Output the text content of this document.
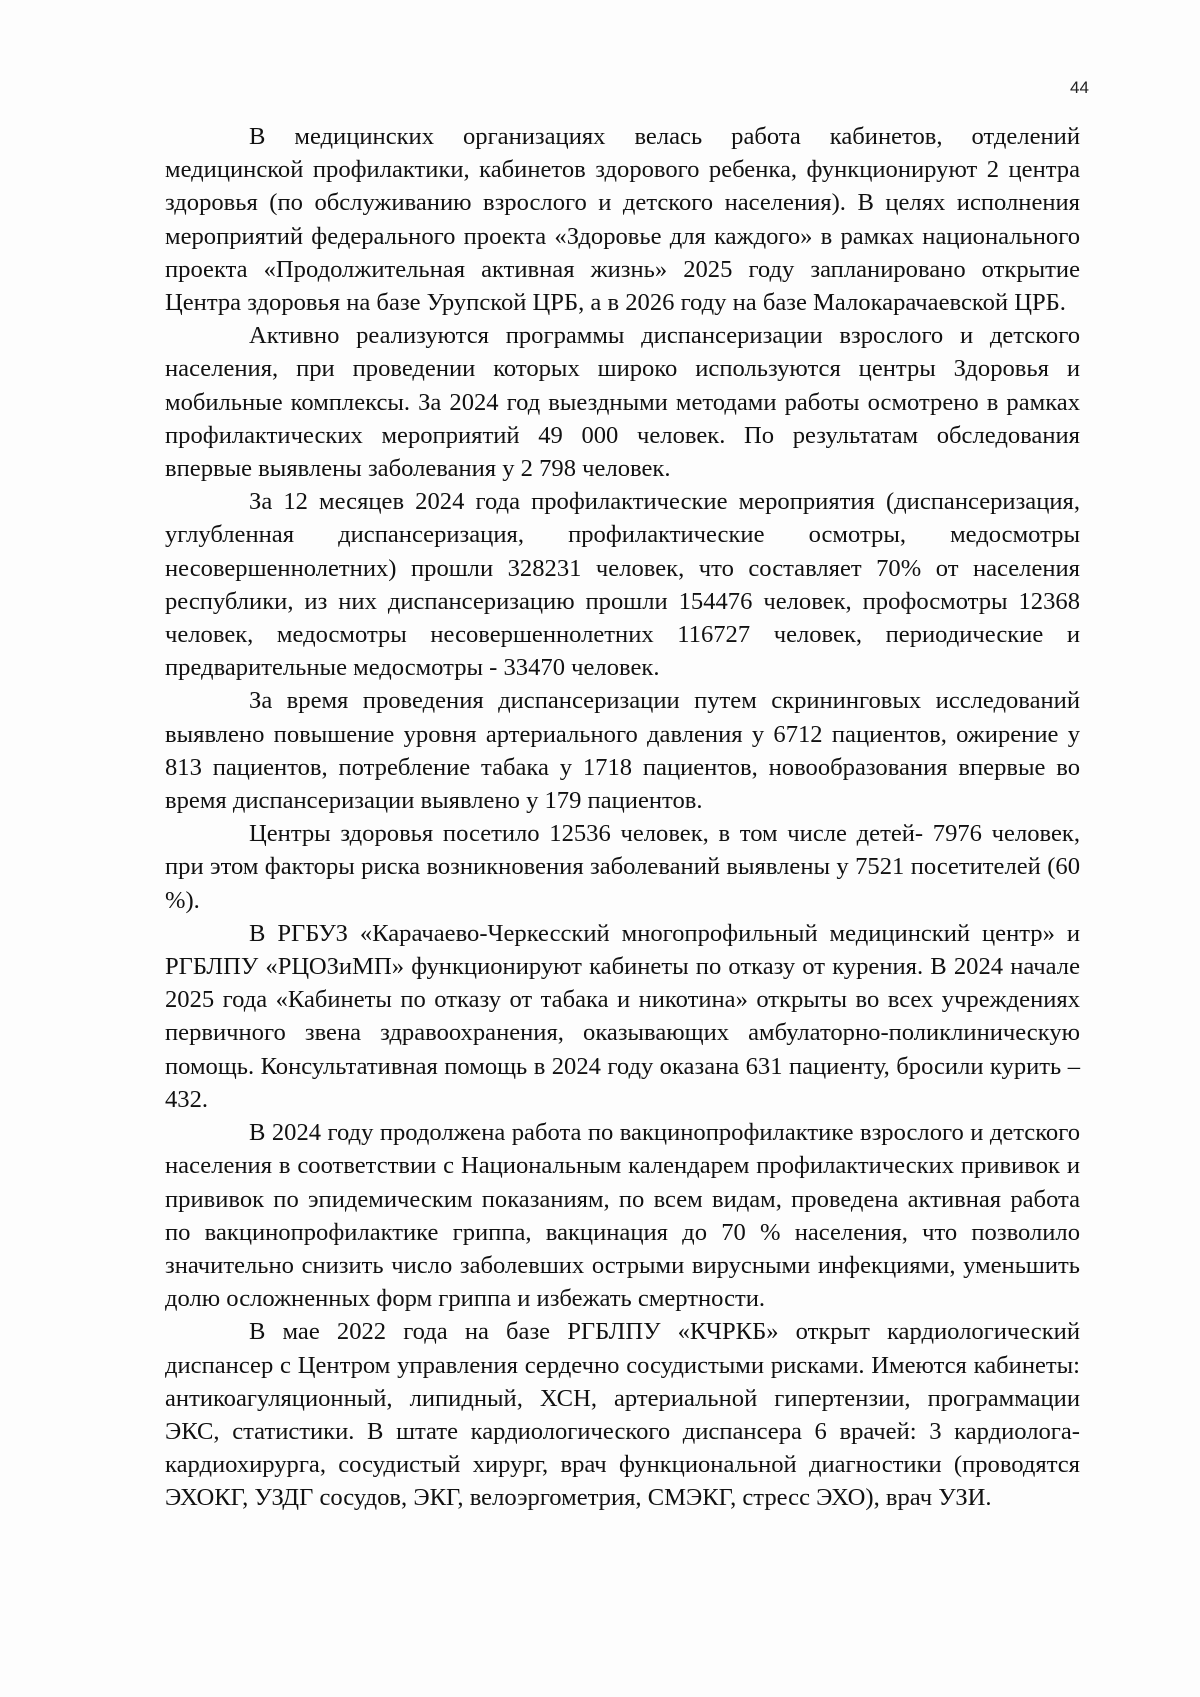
44

В медицинских организациях велась работа кабинетов, отделений медицинской профилактики, кабинетов здорового ребенка, функционируют 2 центра здоровья (по обслуживанию взрослого и детского населения). В целях исполнения мероприятий федерального проекта «Здоровье для каждого» в рамках национального проекта «Продолжительная активная жизнь» 2025 году запланировано открытие Центра здоровья на базе Урупской ЦРБ, а в 2026 году на базе Малокарачаевской ЦРБ.

Активно реализуются программы диспансеризации взрослого и детского населения, при проведении которых широко используются центры Здоровья и мобильные комплексы. За 2024 год выездными методами работы осмотрено в рамках профилактических мероприятий 49 000 человек. По результатам обследования впервые выявлены заболевания у 2 798 человек.

За 12 месяцев 2024 года профилактические мероприятия (диспансеризация, углубленная диспансеризация, профилактические осмотры, медосмотры несовершеннолетних) прошли 328231 человек, что составляет 70% от населения республики, из них диспансеризацию прошли 154476 человек, профосмотры 12368 человек, медосмотры несовершеннолетних 116727 человек, периодические и предварительные медосмотры - 33470 человек.

За время проведения диспансеризации путем скрининговых исследований выявлено повышение уровня артериального давления у 6712 пациентов, ожирение у 813 пациентов, потребление табака у 1718 пациентов, новообразования впервые во время диспансеризации выявлено у 179 пациентов.

Центры здоровья посетило 12536 человек, в том числе детей- 7976 человек, при этом факторы риска возникновения заболеваний выявлены у 7521 посетителей (60 %).

В РГБУЗ «Карачаево-Черкесский многопрофильный медицинский центр» и РГБЛПУ «РЦОЗиМП» функционируют кабинеты по отказу от курения. В 2024 начале 2025 года «Кабинеты по отказу от табака и никотина» открыты во всех учреждениях первичного звена здравоохранения, оказывающих амбулаторно-поликлиническую помощь. Консультативная помощь в 2024 году оказана 631 пациенту, бросили курить – 432.

В 2024 году продолжена работа по вакцинопрофилактике взрослого и детского населения в соответствии с Национальным календарем профилактических прививок и прививок по эпидемическим показаниям, по всем видам, проведена активная работа по вакцинопрофилактике гриппа, вакцинация до 70 % населения, что позволило значительно снизить число заболевших острыми вирусными инфекциями, уменьшить долю осложненных форм гриппа и избежать смертности.

В мае 2022 года на базе РГБЛПУ «КЧРКБ» открыт кардиологический диспансер с Центром управления сердечно сосудистыми рисками. Имеются кабинеты: антикоагуляционный, липидный, ХСН, артериальной гипертензии, программации ЭКС, статистики. В штате кардиологического диспансера 6 врачей: 3 кардиолога-кардиохирурга, сосудистый хирург, врач функциональной диагностики (проводятся ЭХОКГ, УЗДГ сосудов, ЭКГ, велоэргометрия, СМЭКГ, стресс ЭХО), врач УЗИ.
